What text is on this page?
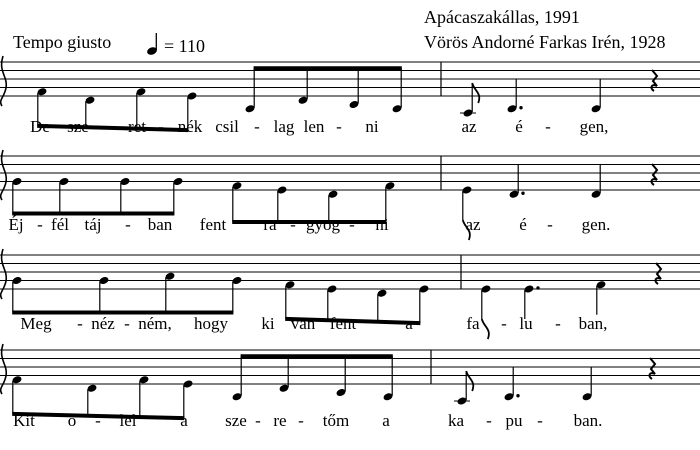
Tempo giusto	= 110
Apácaszakállas, 1991
Vörös Andorné Farkas Irén, 1928
De sze - ret - nék csil - lag len - ni	az é - gen,
Éj - fél táj - ban fent ra - gyog - ni	az é - gen.
Meg - néz - ném, hogy ki van fent	a	fa - lu - ban,
Kit ö - lel	a sze - re - tőm a	ka - pu - ban.
